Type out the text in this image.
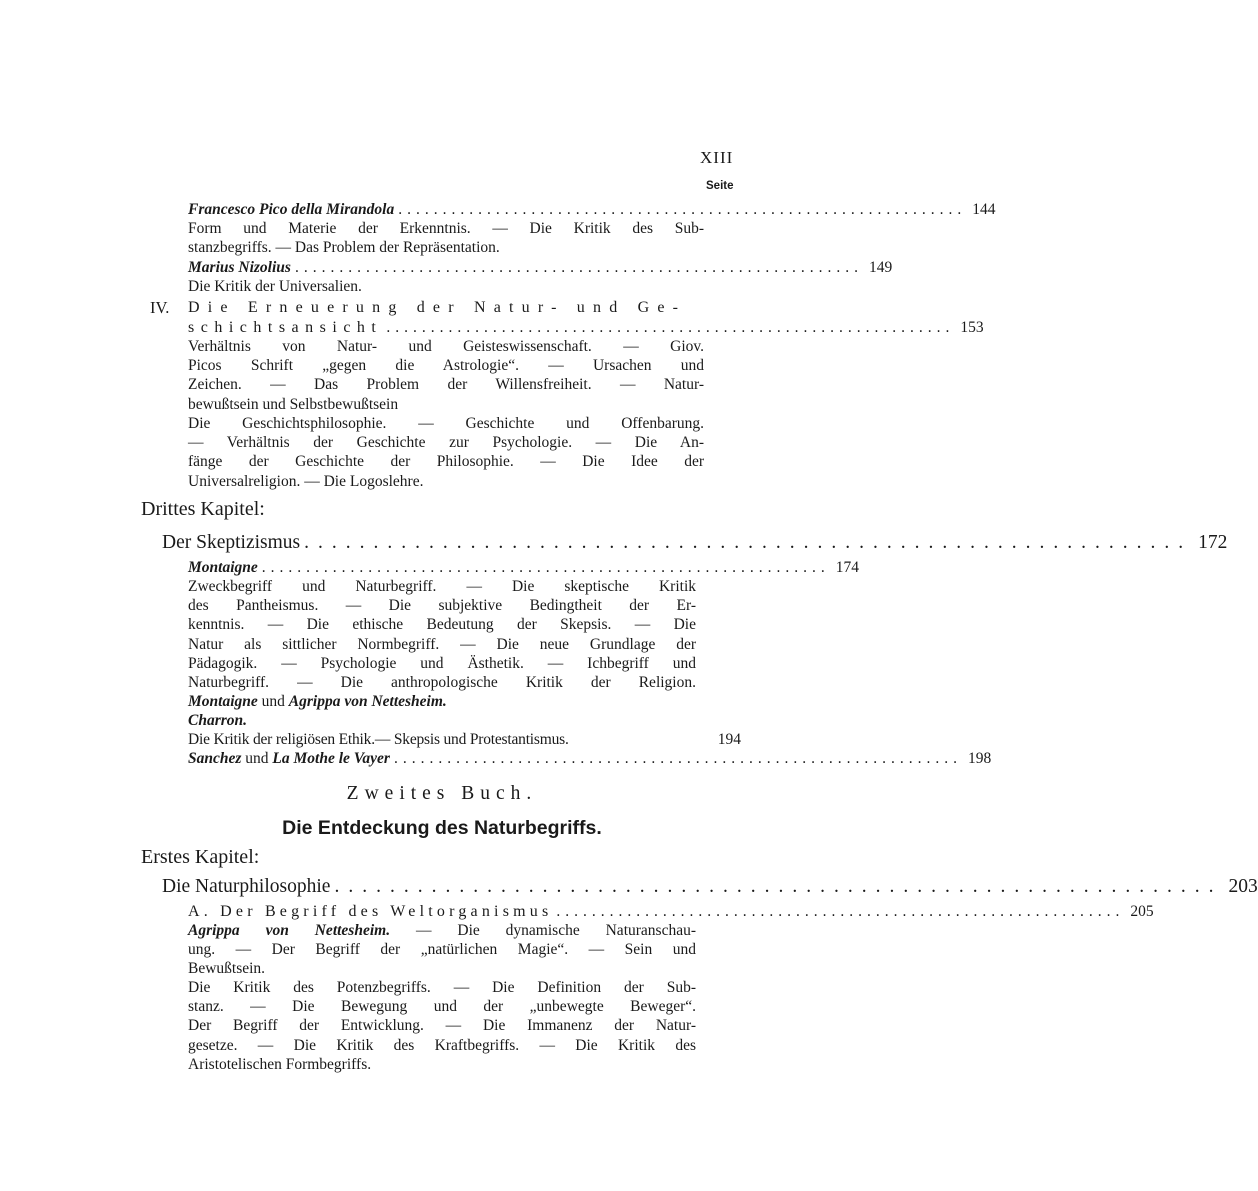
XIII
Seite
Francesco Pico della Mirandola ................................................................ 144
Form und Materie der Erkenntnis. — Die Kritik des Sub-
stanzbegriffs. — Das Problem der Repräsentation.
Marius Nizolius ................................................................ 149
Die Kritik der Universalien.
IV. Die Erneuerung der Natur- und Ge-
schichtsansicht ................................................................ 153
Verhältnis von Natur- und Geisteswissenschaft. — Giov.
Picos Schrift „gegen die Astrologie“. — Ursachen und
Zeichen. — Das Problem der Willensfreiheit. — Natur-
bewußtsein und Selbstbewußtsein
Die Geschichtsphilosophie. — Geschichte und Offenbarung.
— Verhältnis der Geschichte zur Psychologie. — Die An-
fänge der Geschichte der Philosophie. — Die Idee der
Universalreligion. — Die Logoslehre.
Drittes Kapitel:
Der Skeptizismus ................................................................ 172
Montaigne ................................................................ 174
Zweckbegriff und Naturbegriff. — Die skeptische Kritik
des Pantheismus. — Die subjektive Bedingtheit der Er-
kenntnis. — Die ethische Bedeutung der Skepsis. — Die
Natur als sittlicher Normbegriff. — Die neue Grundlage der
Pädagogik. — Psychologie und Ästhetik. — Ichbegriff und
Naturbegriff. — Die anthropologische Kritik der Religion.
Montaigne und Agrippa von Nettesheim.
Charron.
Die Kritik der religiösen Ethik.— Skepsis und Protestantismus.	194
Sanchez und La Mothe le Vayer ................................................................ 198
Zweites Buch.
Die Entdeckung des Naturbegriffs.
Erstes Kapitel:
Die Naturphilosophie ................................................................ 203
A. Der Begriff des Weltorganismus ................................................................ 205
Agrippa von Nettesheim. — Die dynamische Naturanschau-
ung. — Der Begriff der „natürlichen Magie“. — Sein und
Bewußtsein.
Die Kritik des Potenzbegriffs. — Die Definition der Sub-
stanz. — Die Bewegung und der „unbewegte Beweger“.
Der Begriff der Entwicklung. — Die Immanenz der Natur-
gesetze. — Die Kritik des Kraftbegriffs. — Die Kritik des
Aristotelischen Formbegriffs.
